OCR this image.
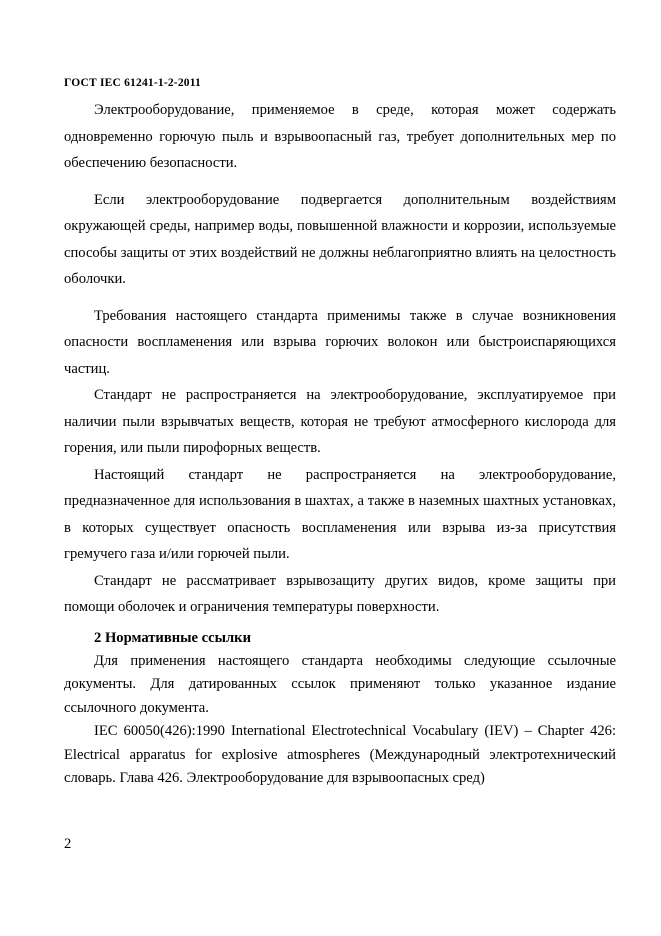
ГОСТ IEC 61241-1-2-2011

Электрооборудование, применяемое в среде, которая может содержать одновременно горючую пыль и взрывоопасный газ, требует дополнительных мер по обеспечению безопасности.

Если электрооборудование подвергается дополнительным воздействиям окружающей среды, например воды, повышенной влажности и коррозии, используемые способы защиты от этих воздействий не должны неблагоприятно влиять на целостность оболочки.

Требования настоящего стандарта применимы также в случае возникновения опасности воспламенения или взрыва горючих волокон или быстроиспаряющихся частиц.

Стандарт не распространяется на электрооборудование, эксплуатируемое при наличии пыли взрывчатых веществ, которая не требуют атмосферного кислорода для горения, или пыли пирофорных веществ.

Настоящий стандарт не распространяется на электрооборудование, предназначенное для использования в шахтах, а также в наземных шахтных установках, в которых существует опасность воспламенения или взрыва из-за присутствия гремучего газа и/или горючей пыли.

Стандарт не рассматривает взрывозащиту других видов, кроме защиты при помощи оболочек и ограничения температуры поверхности.

2 Нормативные ссылки

Для применения настоящего стандарта необходимы следующие ссылочные документы. Для датированных ссылок применяют только указанное издание ссылочного документа.

IEC 60050(426):1990 International Electrotechnical Vocabulary (IEV) – Chapter 426: Electrical apparatus for explosive atmospheres (Международный электротехнический словарь. Глава 426. Электрооборудование для взрывоопасных сред)

2
